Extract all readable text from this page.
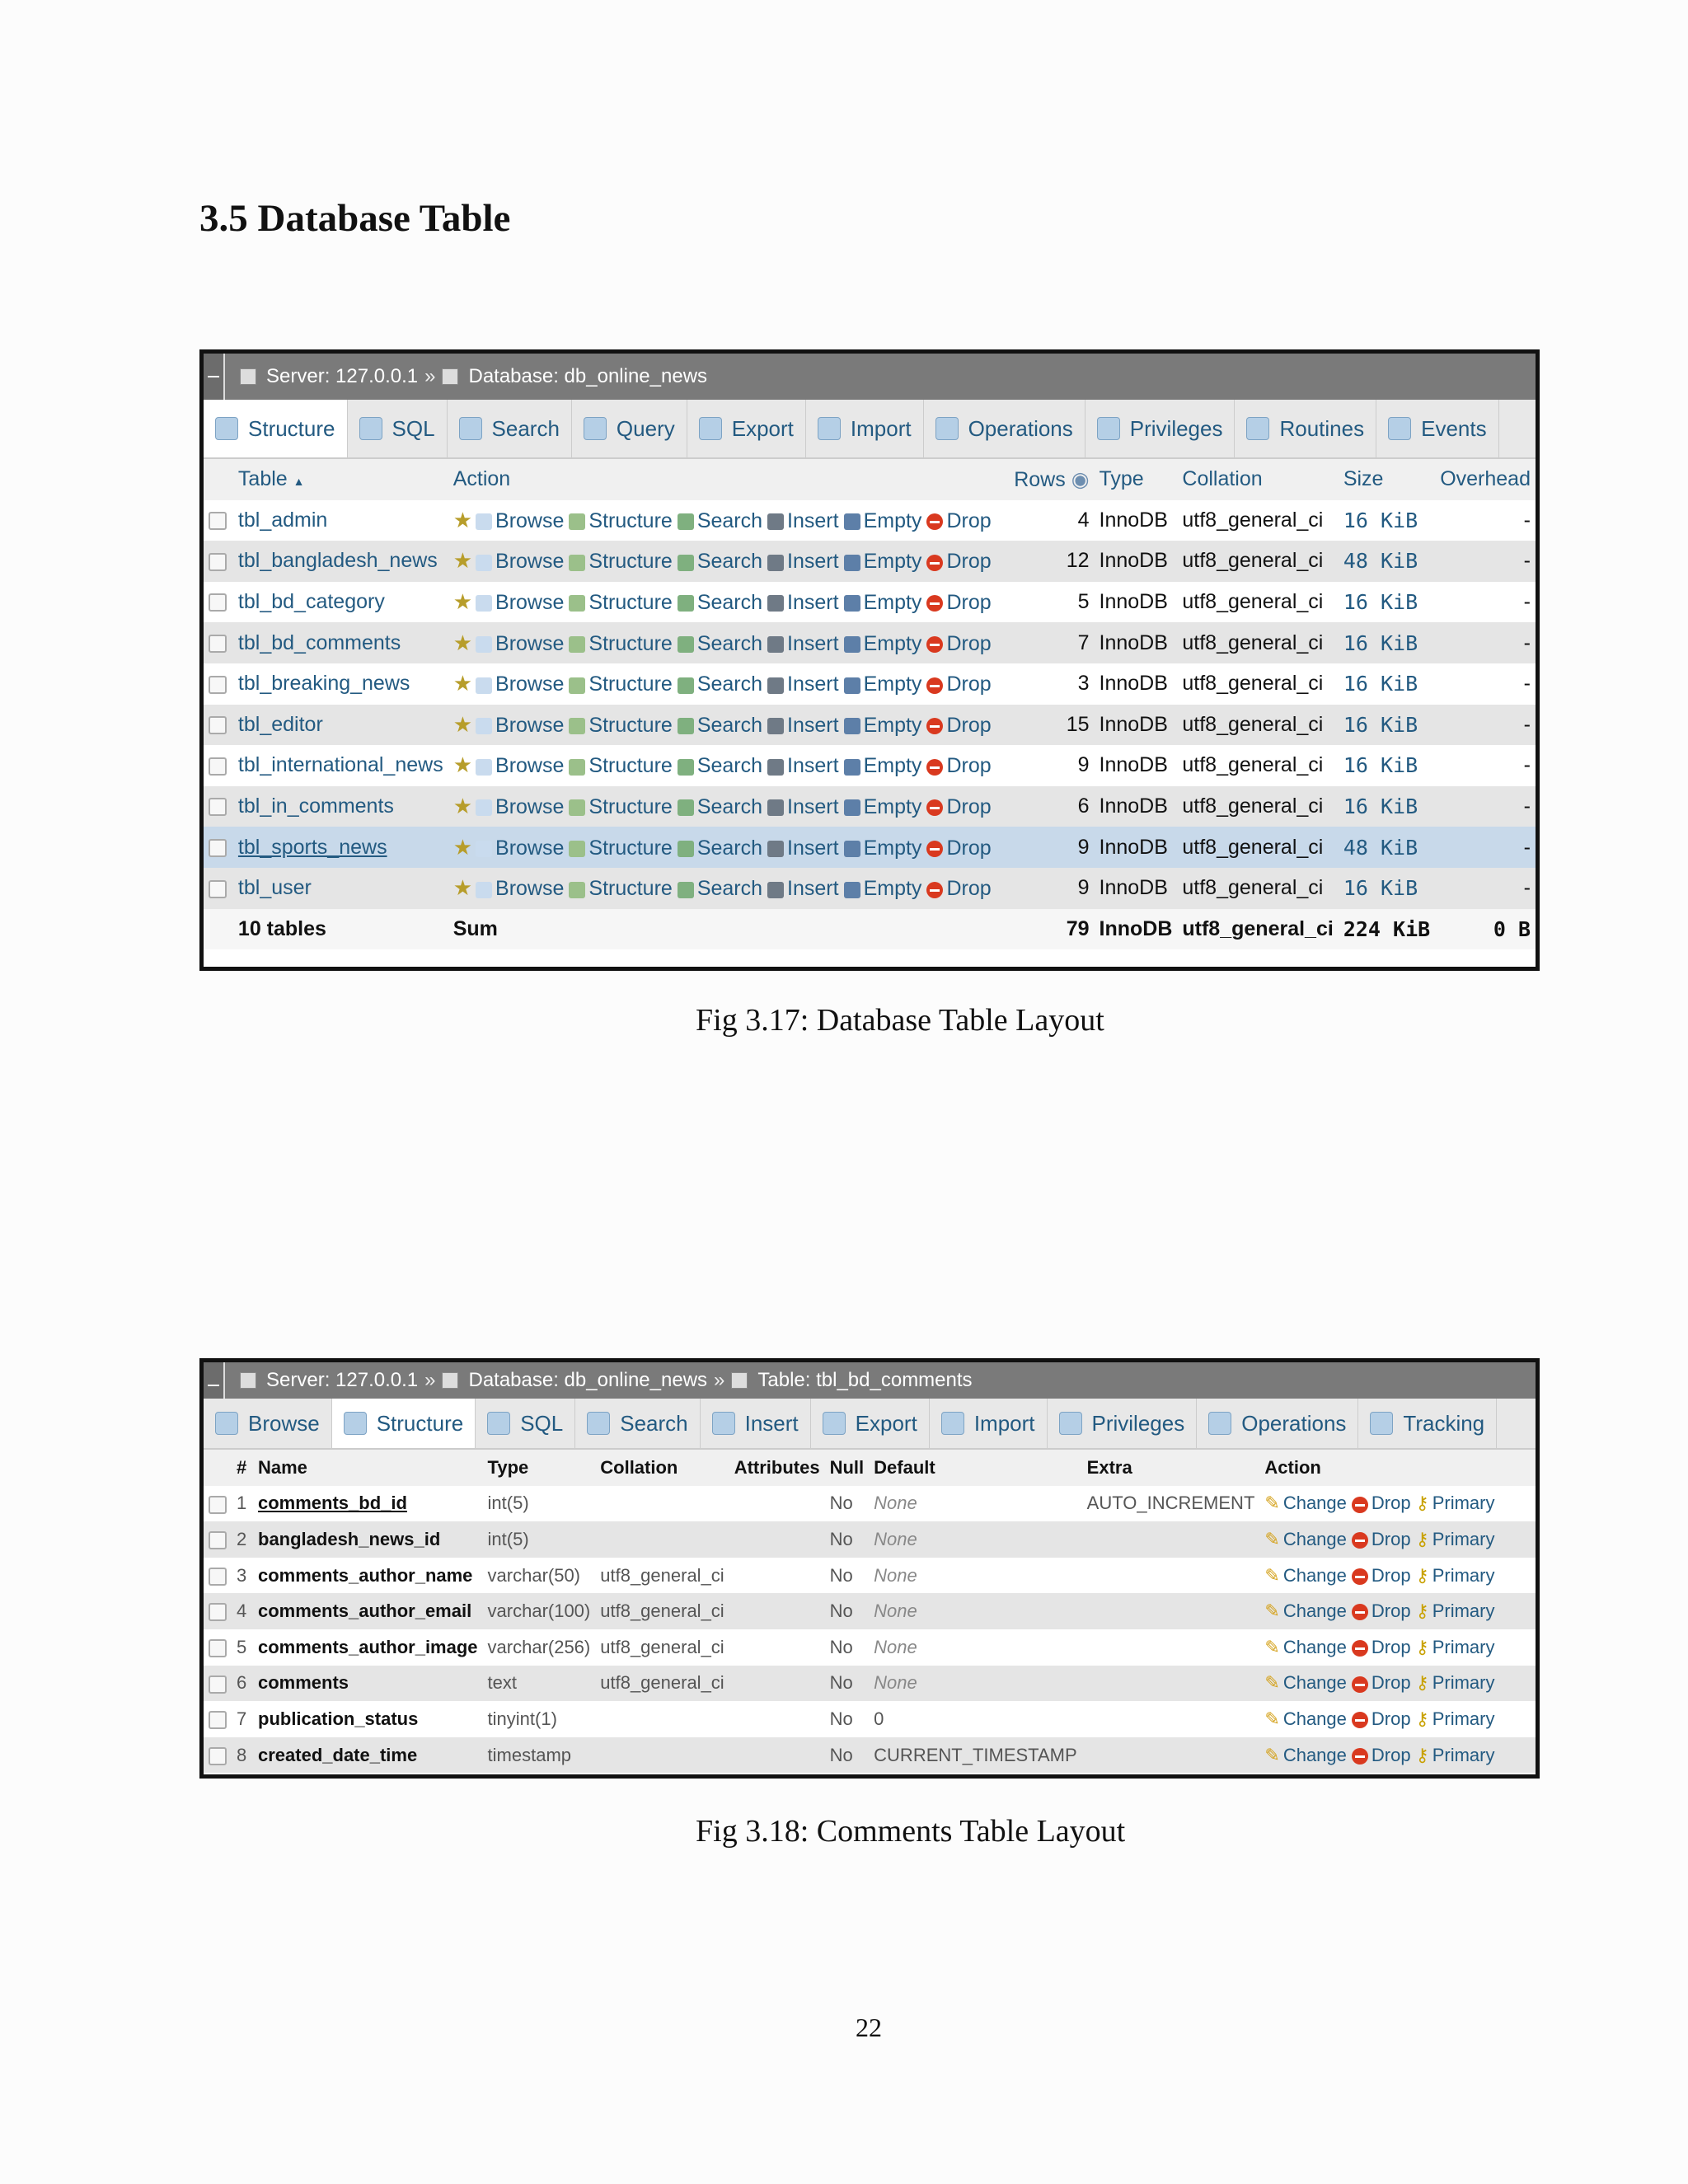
3.5 Database Table
Server: 127.0.0.1 » Database: db_online_news
Structure	SQL	Search	Query	Export	Import	Operations	Privileges	Routines	Events
	Table ▲	Action	Rows ◉	Type	Collation	Size	Overhead
	tbl_admin	★ Browse Structure Search Insert Empty Drop	4	InnoDB	utf8_general_ci	16 KiB	-
	tbl_bangladesh_news	★ Browse Structure Search Insert Empty Drop	12	InnoDB	utf8_general_ci	48 KiB	-
	tbl_bd_category	★ Browse Structure Search Insert Empty Drop	5	InnoDB	utf8_general_ci	16 KiB	-
	tbl_bd_comments	★ Browse Structure Search Insert Empty Drop	7	InnoDB	utf8_general_ci	16 KiB	-
	tbl_breaking_news	★ Browse Structure Search Insert Empty Drop	3	InnoDB	utf8_general_ci	16 KiB	-
	tbl_editor	★ Browse Structure Search Insert Empty Drop	15	InnoDB	utf8_general_ci	16 KiB	-
	tbl_international_news	★ Browse Structure Search Insert Empty Drop	9	InnoDB	utf8_general_ci	16 KiB	-
	tbl_in_comments	★ Browse Structure Search Insert Empty Drop	6	InnoDB	utf8_general_ci	16 KiB	-
	tbl_sports_news	★ Browse Structure Search Insert Empty Drop	9	InnoDB	utf8_general_ci	48 KiB	-
	tbl_user	★ Browse Structure Search Insert Empty Drop	9	InnoDB	utf8_general_ci	16 KiB	-
	10 tables	Sum	79	InnoDB	utf8_general_ci	224 KiB	0 B
Fig 3.17: Database Table Layout
Server: 127.0.0.1 » Database: db_online_news » Table: tbl_bd_comments
Browse	Structure	SQL	Search	Insert	Export	Import	Privileges	Operations	Tracking
	#	Name	Type	Collation	Attributes	Null	Default	Extra	Action
	1	comments_bd_id	int(5)			No	None	AUTO_INCREMENT	✎ Change Drop ⚷ Primary
	2	bangladesh_news_id	int(5)			No	None		✎ Change Drop ⚷ Primary
	3	comments_author_name	varchar(50)	utf8_general_ci		No	None		✎ Change Drop ⚷ Primary
	4	comments_author_email	varchar(100)	utf8_general_ci		No	None		✎ Change Drop ⚷ Primary
	5	comments_author_image	varchar(256)	utf8_general_ci		No	None		✎ Change Drop ⚷ Primary
	6	comments	text	utf8_general_ci		No	None		✎ Change Drop ⚷ Primary
	7	publication_status	tinyint(1)			No	0		✎ Change Drop ⚷ Primary
	8	created_date_time	timestamp			No	CURRENT_TIMESTAMP		✎ Change Drop ⚷ Primary
Fig 3.18: Comments Table Layout
22
